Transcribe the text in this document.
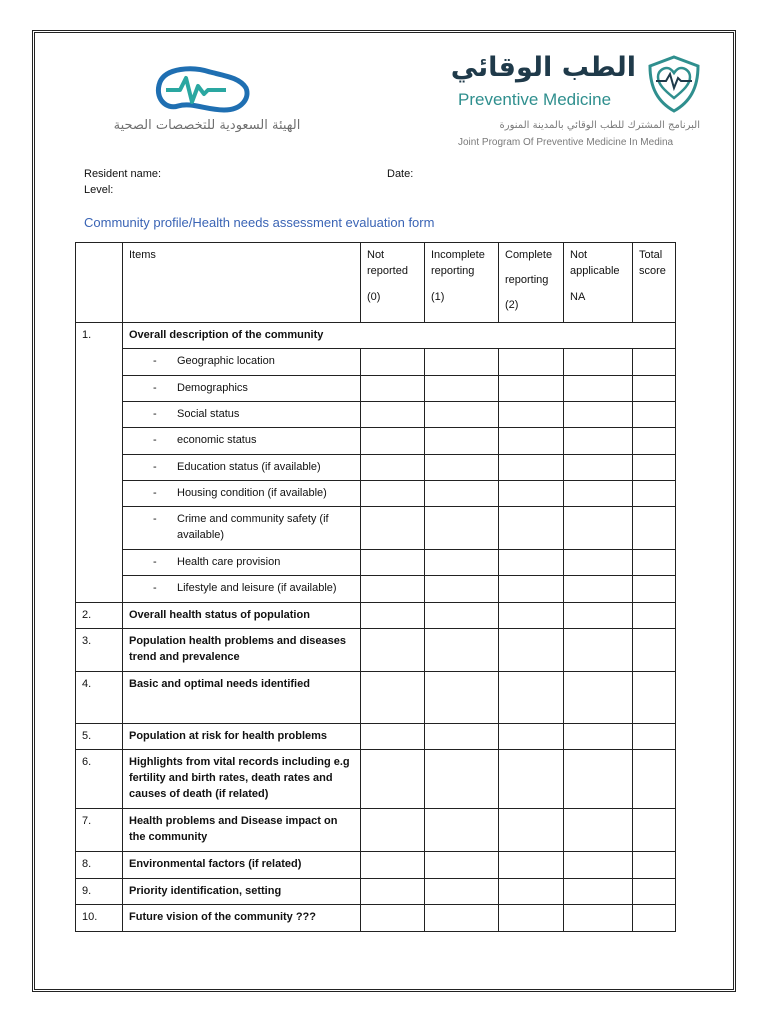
الهيئة السعودية للتخصصات الصحية
الطب الوقائي
Preventive Medicine
البرنامج المشترك للطب الوقائي بالمدينة المنورة
Joint Program Of Preventive Medicine In Medina
Resident name:	Date:
Level:
Community profile/Health needs assessment evaluation form
	Items	Not
reported
(0)	Incomplete
reporting
(1)	Complete
reporting
(2)	Not
applicable
NA	Total
score

1.	Overall description of the community					

	- Geographic location					

	- Demographics					

	- Social status					

	- economic status					

	- Education status (if available)					

	- Housing condition (if available)					

	- Crime and community safety (if available)					

	- Health care provision					

	- Lifestyle and leisure (if available)					

2.	Overall health status of population					
3.	Population health problems and diseases trend and prevalence					
4.	Basic and optimal needs identified					
5.	Population at risk for health problems					
6.	Highlights from vital records including e.g fertility and birth rates, death rates and causes of death (if related)					
7.	Health problems and Disease impact on the community					
8.	Environmental factors (if related)					
9.	Priority identification, setting					
10.	Future vision of the community ???					
